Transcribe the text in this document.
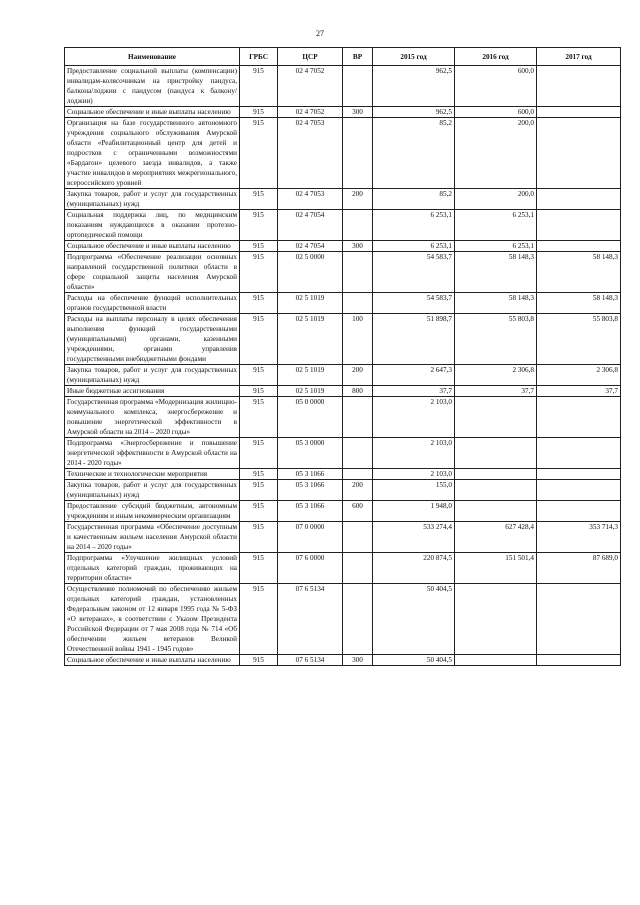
27
Наименование	ГРБС	ЦСР	ВР	2015 год	2016 год	2017 год
Предоставление социальной выплаты (компенсации) инвалидам-колясочникам на пристройку пандуса, балкона/лоджии с пандусом (пандуса к балкону/лоджии)	915	02 4 7052		962,5	600,0	
Социальное обеспечение и иные выплаты населению	915	02 4 7052	300	962,5	600,0	
Организация на базе государственного автономного учреждения социального обслуживания Амурской области «Реабилитационный центр для детей и подростков с ограниченными возможностями «Бардагон» целевого заезда инвалидов, а также участие инвалидов в мероприятиях межрегионального, всероссийского уровней	915	02 4 7053		85,2	200,0	
Закупка товаров, работ и услуг для государственных (муниципальных) нужд	915	02 4 7053	200	85,2	200,0	
Социальная поддержка лиц, по медицинским показаниям нуждающихся в оказании протезно-ортопедической помощи	915	02 4 7054		6 253,1	6 253,1	
Социальное обеспечение и иные выплаты населению	915	02 4 7054	300	6 253,1	6 253,1	
Подпрограмма «Обеспечение реализации основных направлений государственной политики области в сфере социальной защиты населения Амурской области»	915	02 5 0000		54 583,7	58 148,3	58 148,3
Расходы на обеспечение функций исполнительных органов государственной власти	915	02 5 1019		54 583,7	58 148,3	58 148,3
Расходы на выплаты персоналу в целях обеспечения выполнения функций государственными (муниципальными) органами, казенными учреждениями, органами управления государственными внебюджетными фондами	915	02 5 1019	100	51 898,7	55 803,8	55 803,8
Закупка товаров, работ и услуг для государственных (муниципальных) нужд	915	02 5 1019	200	2 647,3	2 306,8	2 306,8
Иные бюджетные ассигнования	915	02 5 1019	800	37,7	37,7	37,7
Государственная программа «Модернизация жилищно-коммунального комплекса, энергосбережение и повышение энергетической эффективности в Амурской области на 2014 – 2020 годы»	915	05 0 0000		2 103,0		
Подпрограмма «Энергосбережение и повышение энергетической эффективности в Амурской области на 2014 - 2020 годы»	915	05 3 0000		2 103,0		
Технические и технологические мероприятия	915	05 3 1066		2 103,0		
Закупка товаров, работ и услуг для государственных (муниципальных) нужд	915	05 3 1066	200	155,0		
Предоставление субсидий бюджетным, автономным учреждениям и иным некоммерческим организациям	915	05 3 1066	600	1 948,0		
Государственная программа «Обеспечение доступным и качественным жильем населения Амурской области на 2014 – 2020 годы»	915	07 0 0000		533 274,4	627 428,4	353 714,3
Подпрограмма «Улучшение жилищных условий отдельных категорий граждан, проживающих на территории области»	915	07 6 0000		220 874,5	151 501,4	87 689,0
Осуществление полномочий по обеспечению жильем отдельных категорий граждан, установленных Федеральным законом от 12 января 1995 года № 5-ФЗ «О ветеранах», в соответствии с Указом Президента Российской Федерации от 7 мая 2008 года № 714 «Об обеспечении жильем ветеранов Великой Отечественной войны 1941 - 1945 годов»	915	07 6 5134		50 404,5		
Социальное обеспечение и иные выплаты населению	915	07 6 5134	300	50 404,5		
